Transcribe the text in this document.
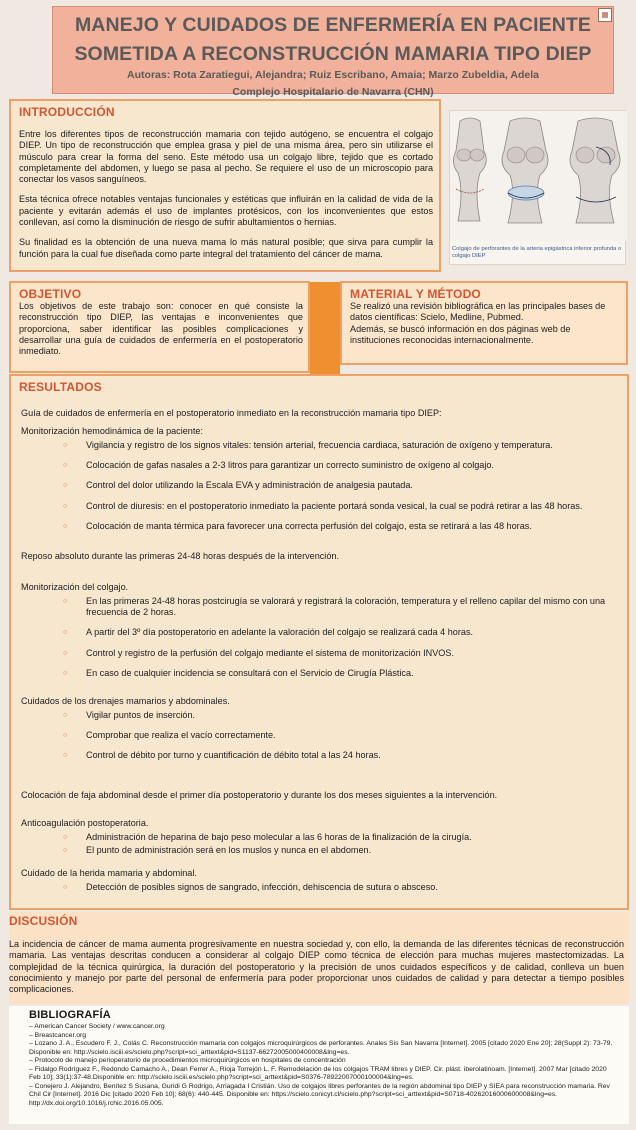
MANEJO Y CUIDADOS DE ENFERMERÍA EN PACIENTE
SOMETIDA A RECONSTRUCCIÓN MAMARIA TIPO DIEP
Autoras: Rota Zaratiegui, Alejandra; Ruiz Escribano, Amaia; Marzo Zubeldia, Adela
Complejo Hospitalario de Navarra (CHN)
INTRODUCCIÓN

Entre los diferentes tipos de reconstrucción mamaria con tejido autógeno, se encuentra el colgajo DIEP. Un tipo de reconstrucción que emplea grasa y piel de una misma área, pero sin utilizarse el músculo para crear la forma del seno. Este método usa un colgajo libre, tejido que es cortado completamente del abdomen, y luego se pasa al pecho. Se requiere el uso de un microscopio para conectar los vasos sanguíneos.

Esta técnica ofrece notables ventajas funcionales y estéticas que influirán en la calidad de vida de la paciente y evitarán además el uso de implantes protésicos, con los inconvenientes que estos conllevan, así como la disminución de riesgo de sufrir abultamientos o hernias.

Su finalidad es la obtención de una nueva mama lo más natural posible; que sirva para cumplir la función para la cual fue diseñada como parte integral del tratamiento del cáncer de mama.	Colgajo de perforantes de la arteria epigástrica inferior profunda o colgajo DIEP
OBJETIVO
Los objetivos de este trabajo son: conocer en qué consiste la reconstrucción tipo DIEP, las ventajas e inconvenientes que proporciona, saber identificar las posibles complicaciones y desarrollar una guía de cuidados de enfermería en el postoperatorio inmediato.
MATERIAL Y MÉTODO
Se realizó una revisión bibliográfica en las principales bases de datos científicas: Scielo, Medline, Pubmed.
Además, se buscó información en dos páginas web de instituciones reconocidas internacionalmente.
RESULTADOS
Guía de cuidados de enfermería en el postoperatorio inmediato en la reconstrucción mamaria tipo DIEP:
Monitorización hemodinámica de la paciente:
○ Vigilancia y registro de los signos vitales: tensión arterial, frecuencia cardiaca, saturación de oxígeno y temperatura.
○ Colocación de gafas nasales a 2-3 litros para garantizar un correcto suministro de oxígeno al colgajo.
○ Control del dolor utilizando la Escala EVA y administración de analgesia pautada.
○ Control de diuresis: en el postoperatorio inmediato la paciente portará sonda vesical, la cual se podrá retirar a las 48 horas.
○ Colocación de manta térmica para favorecer una correcta perfusión del colgajo, esta se retirará a las 48 horas.
Reposo absoluto durante las primeras 24-48 horas después de la intervención.
Monitorización del colgajo.
○ En las primeras 24-48 horas postcirugía se valorará y registrará la coloración, temperatura y el relleno capilar del mismo con una frecuencia de 2 horas.
○ A partir del 3º día postoperatorio en adelante la valoración del colgajo se realizará cada 4 horas.
○ Control y registro de la perfusión del colgajo mediante el sistema de monitorización INVOS.
○ En caso de cualquier incidencia se consultará con el Servicio de Cirugía Plástica.
Cuidados de los drenajes mamarios y abdominales.
○ Vigilar puntos de inserción.
○ Comprobar que realiza el vacío correctamente.
○ Control de débito por turno y cuantificación de débito total a las 24 horas.
Colocación de faja abdominal desde el primer día postoperatorio y durante los dos meses siguientes a la intervención.
Anticoagulación postoperatoria.
○ Administración de heparina de bajo peso molecular a las 6 horas de la finalización de la cirugía.
○ El punto de administración será en los muslos y nunca en el abdomen.
Cuidado de la herida mamaria y abdominal.
○ Detección de posibles signos de sangrado, infección, dehiscencia de sutura o absceso.
DISCUSIÓN
La incidencia de cáncer de mama aumenta progresivamente en nuestra sociedad y, con ello, la demanda de las diferentes técnicas de reconstrucción mamaria. Las ventajas descritas conducen a considerar al colgajo DIEP como técnica de elección para muchas mujeres mastectomizadas. La complejidad de la técnica quirúrgica, la duración del postoperatorio y la precisión de unos cuidados específicos y de calidad, conlleva un buen conocimiento y manejo por parte del personal de enfermería para poder proporcionar unos cuidados de calidad y para detectar a tiempo posibles complicaciones.
BIBLIOGRAFÍA
– American Cancer Society / www.cancer.org
– Breastcancer.org
– Lozano J. A., Escudero F. J., Colás C. Reconstrucción mamaria con colgajos microquirúrgicos de perforantes. Anales Sis San Navarra [Internet]. 2005 [citado 2020 Ene 20]; 28(Suppl 2): 73-79. Disponible en: http://scielo.isciii.es/scielo.php?script=sci_arttext&pid=S1137-66272005000400008&lng=es.
– Protocolo de manejo perioperatorio de procedimientos microquirúrgicos en hospitales de concentración
– Fidalgo Rodríguez F., Redondo Camacho A., Dean Ferrer A., Rioja Torrejón L. F. Remodelación de los colgajos TRAM libres y DIEP. Cir. plást. iberolatinoam. [Internet]. 2007 Mar [citado 2020 Feb 10]; 33(1):37-48.Disponible en: http://scielo.isciii.es/scielo.php?script=sci_arttext&pid=S0376-78922007000100004&lng=es.
– Conejero J. Alejandro, Benítez S Susana, Guridi G Rodrigo, Arriagada I Cristián. Uso de colgajos libres perforantes de la región abdominal tipo DIEP y SIEA para reconstrucción mamaria. Rev Chil Cir [Internet]. 2016 Dic [citado 2020 Feb 10]; 68(6): 440-445. Disponible en: https://scielo.conicyt.cl/scielo.php?script=sci_arttext&pid=S0718-40262016000600008&lng=es. http://dx.doi.org/10.1016/j.rchic.2016.05.005.
